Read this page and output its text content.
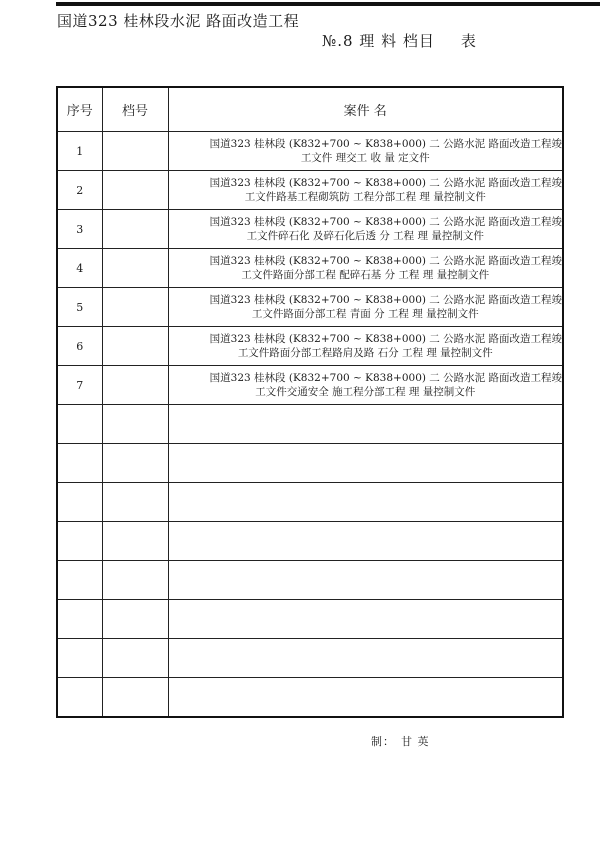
国道323 桂林段水泥 路面改造工程
№.8 理 料 档目 表
序号	档号	案件 名
1		国道323 桂林段 (K832+700 ~ K838+000) 二 公路水泥 路面改造工程竣
工文件 理交工 收 量 定文件

2		国道323 桂林段 (K832+700 ~ K838+000) 二 公路水泥 路面改造工程竣
工文件路基工程砌筑防 工程分部工程 理 量控制文件

3		国道323 桂林段 (K832+700 ~ K838+000) 二 公路水泥 路面改造工程竣
工文件碎石化 及碎石化后透 分 工程 理 量控制文件

4		国道323 桂林段 (K832+700 ~ K838+000) 二 公路水泥 路面改造工程竣
工文件路面分部工程 配碎石基 分 工程 理 量控制文件

5		国道323 桂林段 (K832+700 ~ K838+000) 二 公路水泥 路面改造工程竣
工文件路面分部工程 青面 分 工程 理 量控制文件

6		国道323 桂林段 (K832+700 ~ K838+000) 二 公路水泥 路面改造工程竣
工文件路面分部工程路肩及路 石分 工程 理 量控制文件

7		国道323 桂林段 (K832+700 ~ K838+000) 二 公路水泥 路面改造工程竣
工文件交通安全 施工程分部工程 理 量控制文件

制： 甘 英
